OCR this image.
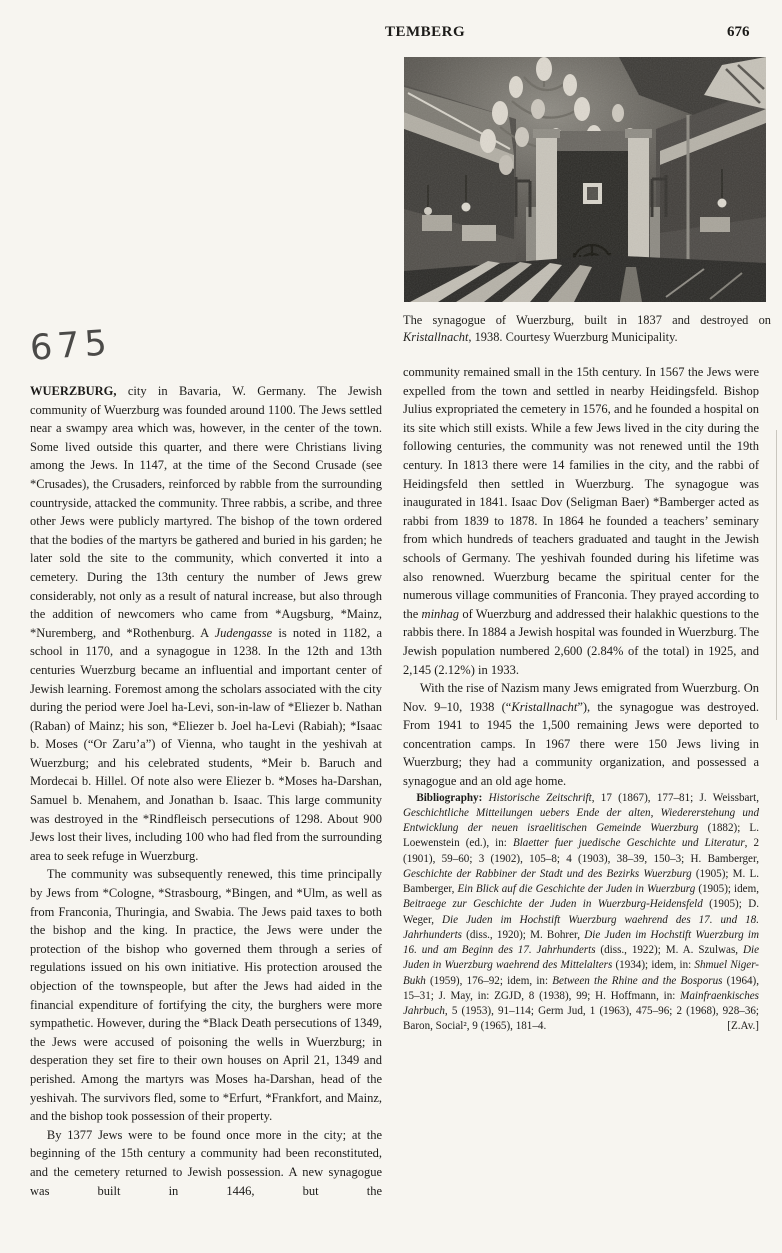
TEMBERG	676
The synagogue of Wuerzburg, built in 1837 and destroyed on Kristallnacht, 1938. Courtesy Wuerzburg Municipality.
675

WUERZBURG, city in Bavaria, W. Germany. The Jewish community of Wuerzburg was founded around 1100. The Jews settled near a swampy area which was, however, in the center of the town. Some lived outside this quarter, and there were Christians living among the Jews. In 1147, at the time of the Second Crusade (see *Crusades), the Crusaders, reinforced by rabble from the surrounding countryside, attacked the community. Three rabbis, a scribe, and three other Jews were publicly martyred. The bishop of the town ordered that the bodies of the martyrs be gathered and buried in his garden; he later sold the site to the community, which converted it into a cemetery. During the 13th century the number of Jews grew considerably, not only as a result of natural increase, but also through the addition of newcomers who came from *Augsburg, *Mainz, *Nuremberg, and *Rothenburg. A Judengasse is noted in 1182, a school in 1170, and a synagogue in 1238. In the 12th and 13th centuries Wuerzburg became an influential and important center of Jewish learning. Foremost among the scholars associated with the city during the period were Joel ha-Levi, son-in-law of *Eliezer b. Nathan (Raban) of Mainz; his son, *Eliezer b. Joel ha-Levi (Rabiah); *Isaac b. Moses (“Or Zaru’a”) of Vienna, who taught in the yeshivah at Wuerzburg; and his celebrated students, *Meir b. Baruch and Mordecai b. Hillel. Of note also were Eliezer b. *Moses ha-Darshan, Samuel b. Menahem, and Jonathan b. Isaac. This large community was destroyed in the *Rindfleisch persecutions of 1298. About 900 Jews lost their lives, including 100 who had fled from the surrounding area to seek refuge in Wuerzburg.

The community was subsequently renewed, this time principally by Jews from *Cologne, *Strasbourg, *Bingen, and *Ulm, as well as from Franconia, Thuringia, and Swabia. The Jews paid taxes to both the bishop and the king. In practice, the Jews were under the protection of the bishop who governed them through a series of regulations issued on his own initiative. His protection aroused the objection of the townspeople, but after the Jews had aided in the financial expenditure of fortifying the city, the burghers were more sympathetic. However, during the *Black Death persecutions of 1349, the Jews were accused of poisoning the wells in Wuerzburg; in desperation they set fire to their own houses on April 21, 1349 and perished. Among the martyrs was Moses ha-Darshan, head of the yeshivah. The survivors fled, some to *Erfurt, *Frankfort, and Mainz, and the bishop took possession of their property.

By 1377 Jews were to be found once more in the city; at the beginning of the 15th century a community had been reconstituted, and the cemetery returned to Jewish possession. A new synagogue was built in 1446, but the

community remained small in the 15th century. In 1567 the Jews were expelled from the town and settled in nearby Heidingsfeld. Bishop Julius expropriated the cemetery in 1576, and he founded a hospital on its site which still exists. While a few Jews lived in the city during the following centuries, the community was not renewed until the 19th century. In 1813 there were 14 families in the city, and the rabbi of Heidingsfeld then settled in Wuerzburg. The synagogue was inaugurated in 1841. Isaac Dov (Seligman Baer) *Bamberger acted as rabbi from 1839 to 1878. In 1864 he founded a teachers’ seminary from which hundreds of teachers graduated and taught in the Jewish schools of Germany. The yeshivah founded during his lifetime was also renowned. Wuerzburg became the spiritual center for the numerous village communities of Franconia. They prayed according to the minhag of Wuerzburg and addressed their halakhic questions to the rabbis there. In 1884 a Jewish hospital was founded in Wuerzburg. The Jewish population numbered 2,600 (2.84% of the total) in 1925, and 2,145 (2.12%) in 1933.

With the rise of Nazism many Jews emigrated from Wuerzburg. On Nov. 9–10, 1938 (“Kristallnacht”), the synagogue was destroyed. From 1941 to 1945 the 1,500 remaining Jews were deported to concentration camps. In 1967 there were 150 Jews living in Wuerzburg; they had a community organization, and possessed a synagogue and an old age home.

Bibliography: Historische Zeitschrift, 17 (1867), 177–81; J. Weissbart, Geschichtliche Mitteilungen uebers Ende der alten, Wiedererstehung und Entwicklung der neuen israelitischen Gemeinde Wuerzburg (1882); L. Loewenstein (ed.), in: Blaetter fuer juedische Geschichte und Literatur, 2 (1901), 59–60; 3 (1902), 105–8; 4 (1903), 38–39, 150–3; H. Bamberger, Geschichte der Rabbiner der Stadt und des Bezirks Wuerzburg (1905); M. L. Bamberger, Ein Blick auf die Geschichte der Juden in Wuerzburg (1905); idem, Beitraege zur Geschichte der Juden in Wuerzburg-Heidensfeld (1905); D. Weger, Die Juden im Hochstift Wuerzburg waehrend des 17. und 18. Jahrhunderts (diss., 1920); M. Bohrer, Die Juden im Hochstift Wuerzburg im 16. und am Beginn des 17. Jahrhunderts (diss., 1922); M. A. Szulwas, Die Juden in Wuerzburg waehrend des Mittelalters (1934); idem, in: Shmuel Niger-Bukh (1959), 176–92; idem, in: Between the Rhine and the Bosporus (1964), 15–31; J. May, in: ZGJD, 8 (1938), 99; H. Hoffmann, in: Mainfraenkisches Jahrbuch, 5 (1953), 91–114; Germ Jud, 1 (1963), 475–96; 2 (1968), 928–36; Baron, Social², 9 (1965), 181–4.	[Z.Av.]
